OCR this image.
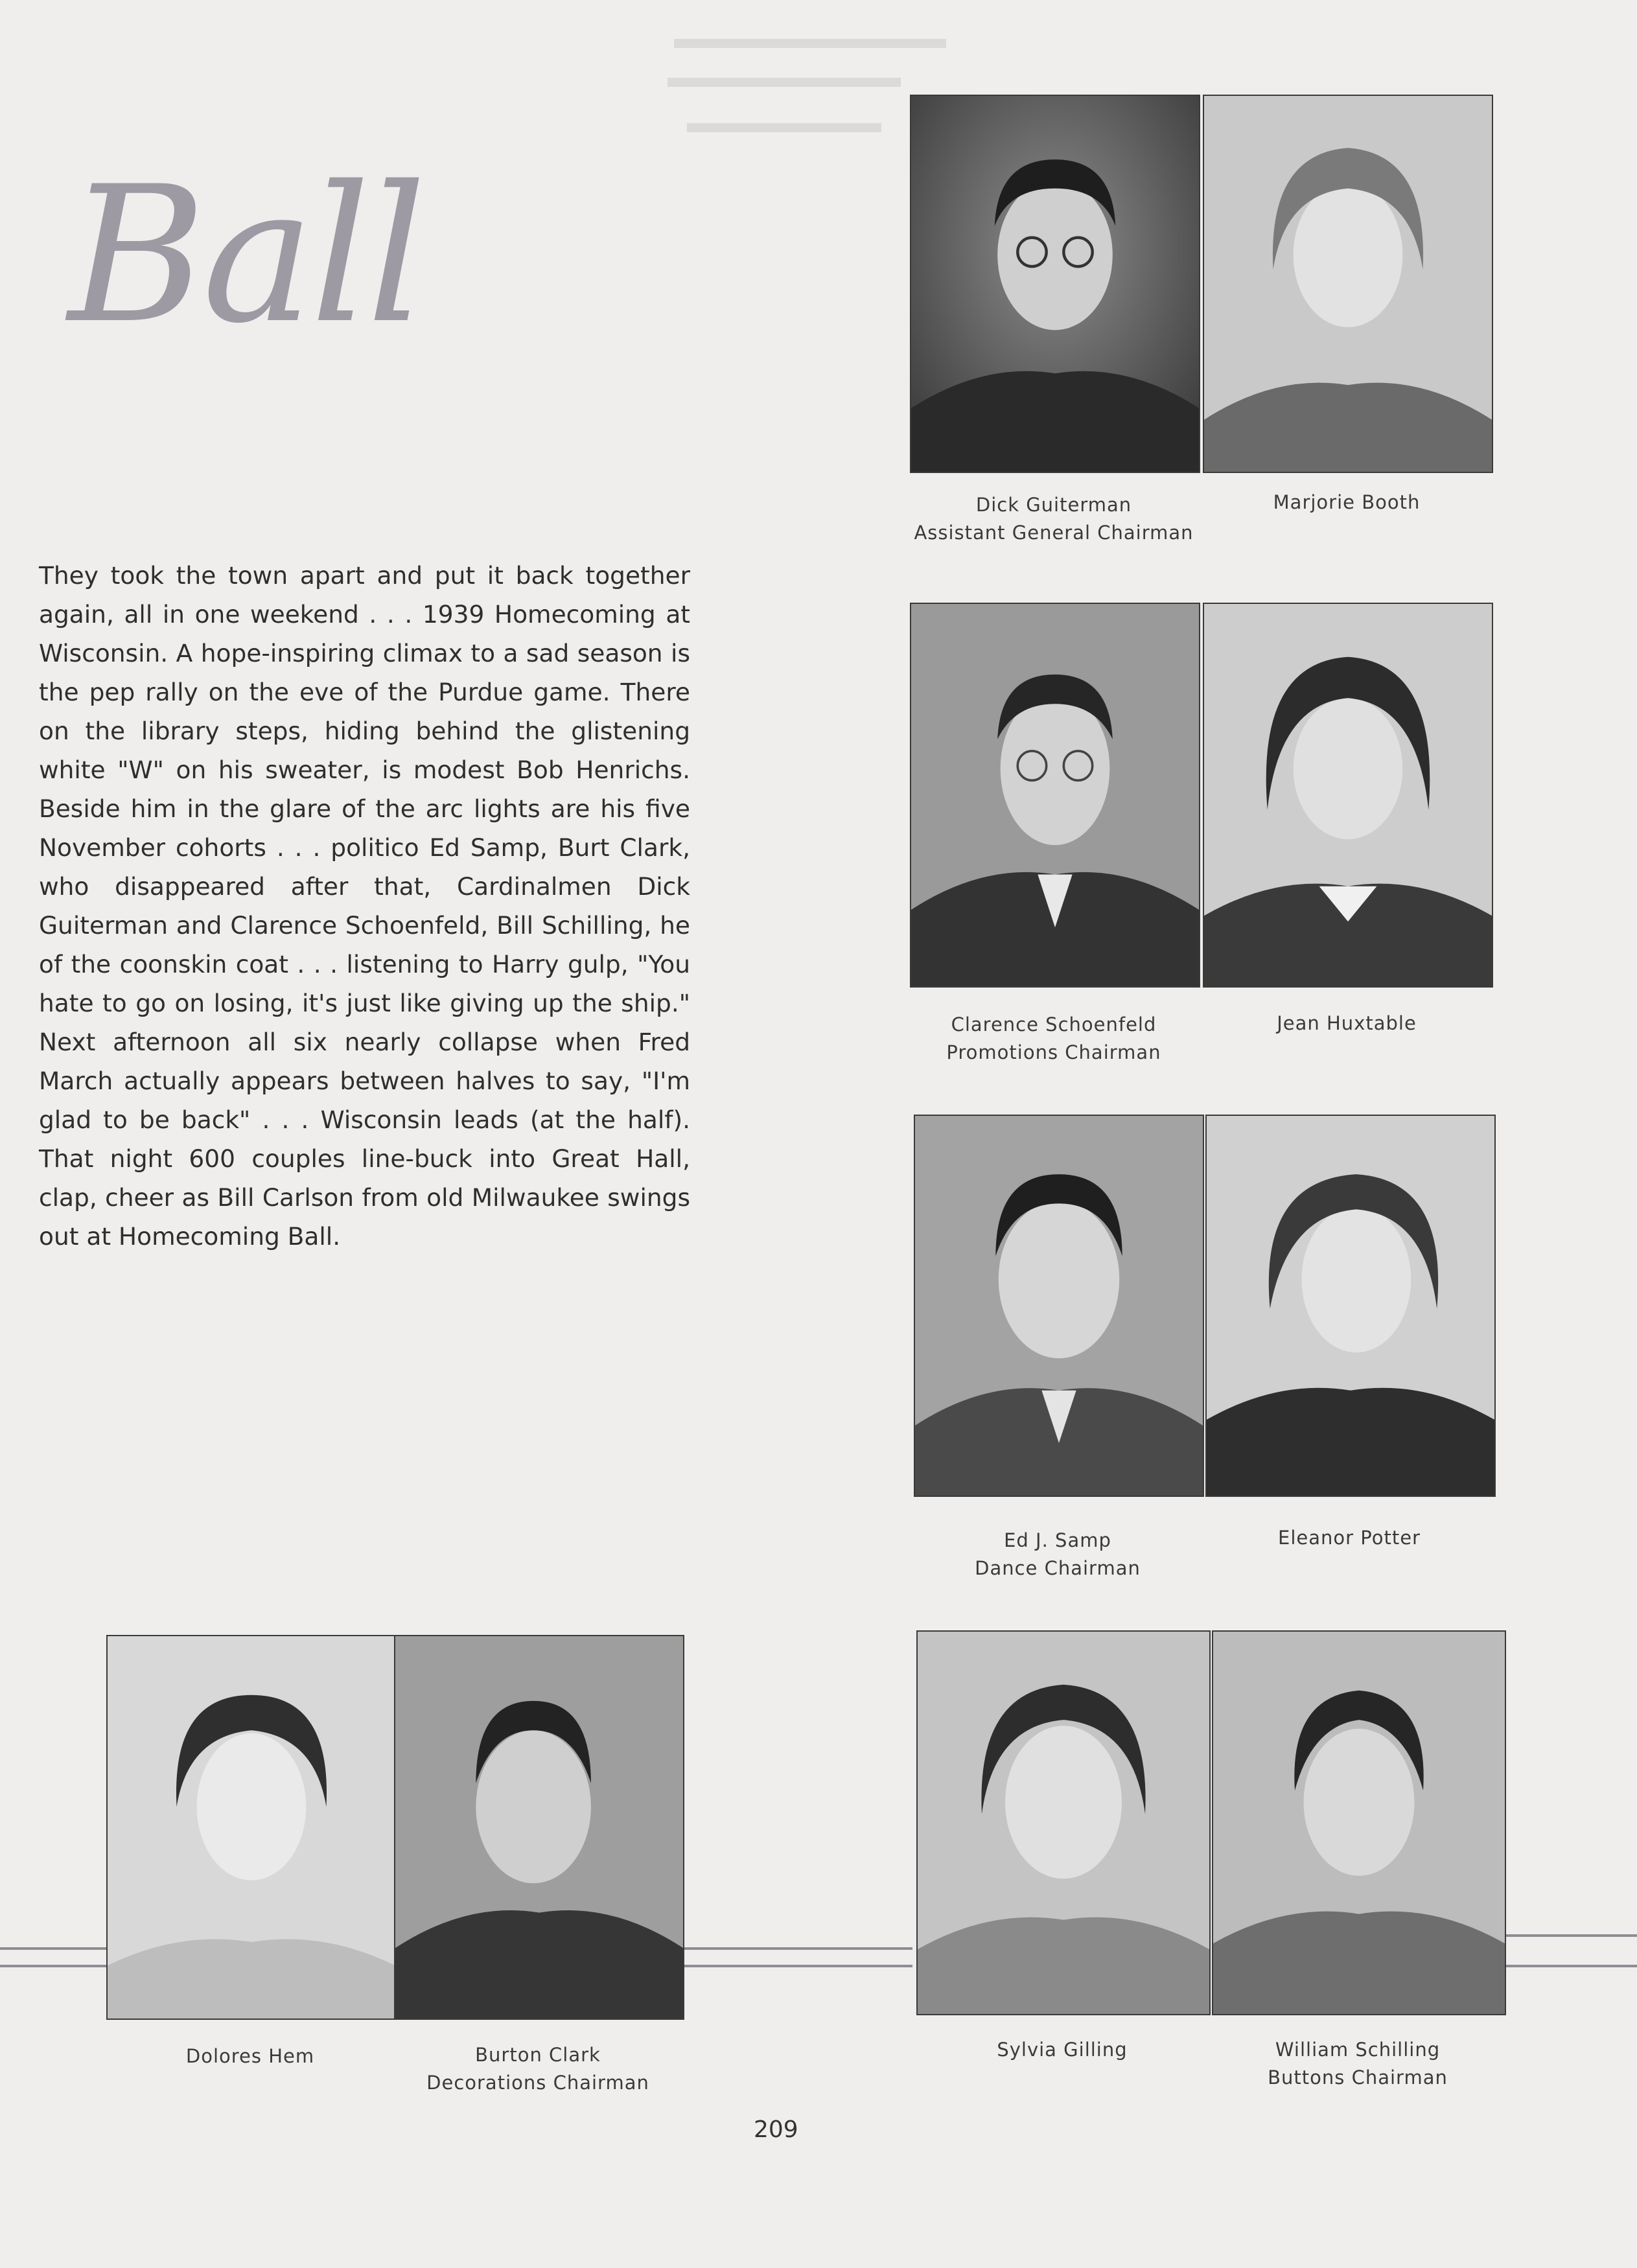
Ball

They took the town apart and put it back together again, all in one weekend . . . 1939 Homecoming at Wisconsin. A hope-inspiring climax to a sad season is the pep rally on the eve of the Purdue game. There on the library steps, hiding behind the glistening white "W" on his sweater, is modest Bob Henrichs. Beside him in the glare of the arc lights are his five November cohorts . . . politico Ed Samp, Burt Clark, who disappeared after that, Cardinalmen Dick Guiterman and Clarence Schoenfeld, Bill Schilling, he of the coonskin coat . . . listening to Harry gulp, "You hate to go on losing, it's just like giving up the ship." Next afternoon all six nearly collapse when Fred March actually appears between halves to say, "I'm glad to be back" . . . Wisconsin leads (at the half). That night 600 couples line-buck into Great Hall, clap, cheer as Bill Carlson from old Milwaukee swings out at Homecoming Ball.

Dick Guiterman
Assistant General Chairman
Marjorie Booth
Clarence Schoenfeld
Promotions Chairman
Jean Huxtable
Ed J. Samp
Dance Chairman
Eleanor Potter
Dolores Hem	Burton Clark
Decorations Chairman
Sylvia Gilling	William Schilling
Buttons Chairman
209
